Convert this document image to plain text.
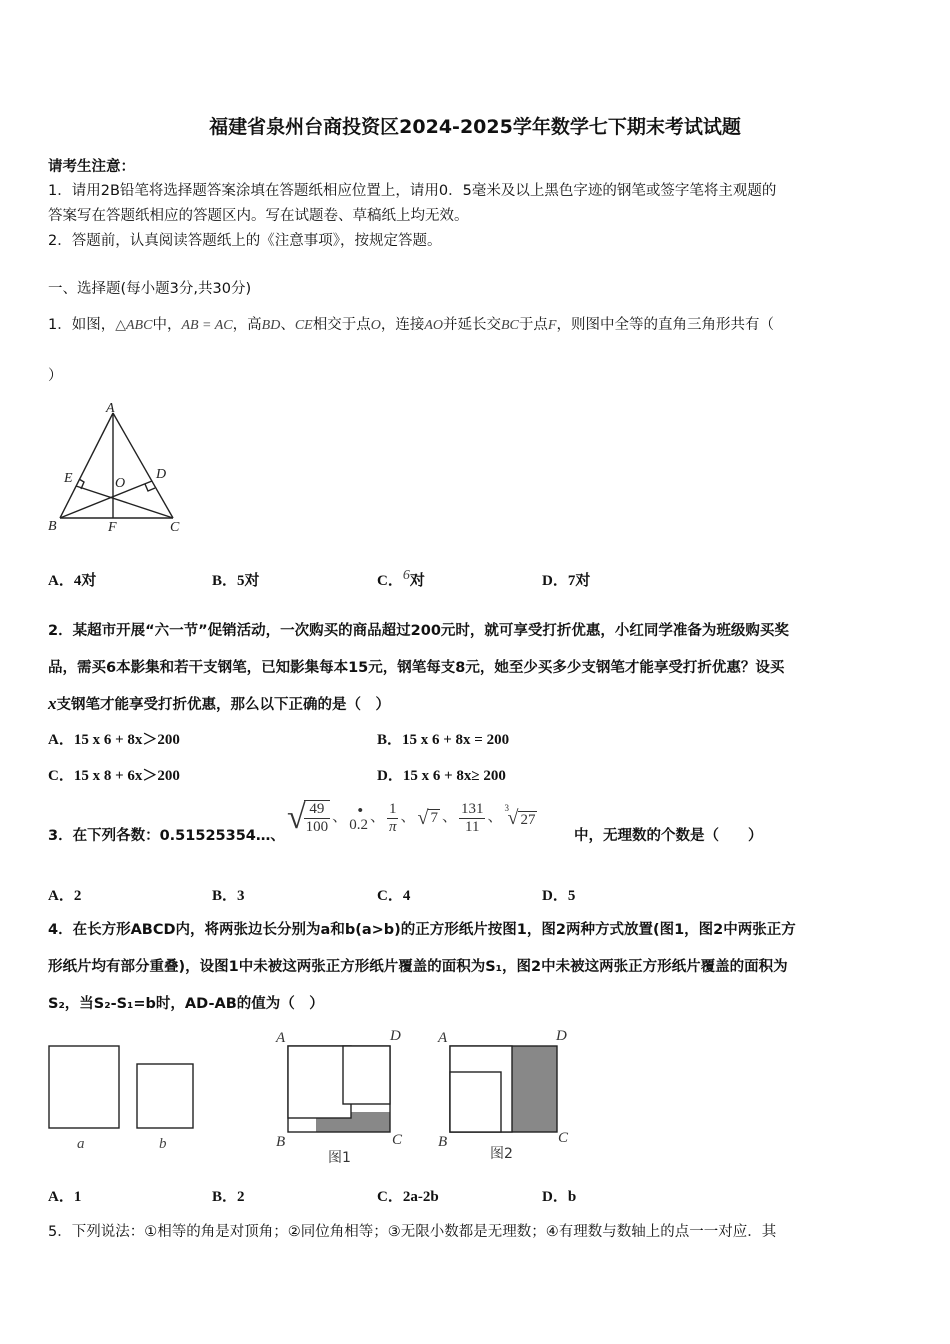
福建省泉州台商投资区2024-2025学年数学七下期末考试试题
请考生注意：
1．请用2B铅笔将选择题答案涂填在答题纸相应位置上，请用0．5毫米及以上黑色字迹的钢笔或签字笔将主观题的
答案写在答题纸相应的答题区内。写在试题卷、草稿纸上均无效。
2．答题前，认真阅读答题纸上的《注意事项》，按规定答题。
一、选择题(每小题3分,共30分)
1．如图，△ABC中，AB = AC，高BD、CE相交于点O，连接AO并延长交BC于点F，则图中全等的直角三角形共有（
）
A
B	C
D
E
F
O
A．4对	B．5对	C．6对	D．7对
2．某超市开展“六一节”促销活动，一次购买的商品超过200元时，就可享受打折优惠，小红同学准备为班级购买奖
品，需买6本影集和若干支钢笔，已知影集每本15元，钢笔每支8元，她至少买多少支钢笔才能享受打折优惠？设买
x支钢笔才能享受打折优惠，那么以下正确的是（　）
A．15 x 6 + 8x＞200	B．15 x 6 + 8x = 200
C．15 x 8 + 6x＞200	D．15 x 6 + 8x≥ 200
3．在下列各数：0.51525354…、 √
$\frac{49}{100}$ 、 •
0.2 、 $\frac{1}{\pi}$ 、 √ 7 、 $\frac{131}{11}$ 、
3
√ 27
中，无理数的个数是（　　）
A．2	B．3	C．4	D．5
4．在长方形ABCD内，将两张边长分别为a和b(a>b)的正方形纸片按图1，图2两种方式放置(图1，图2中两张正方
形纸片均有部分重叠)，设图1中未被这两张正方形纸片覆盖的面积为S₁，图2中未被这两张正方形纸片覆盖的面积为
S₂，当S₂-S₁=b时，AD-AB的值为（　）
a	b
A	D
B	C
图1
A	D
B	C
图2
A．1	B．2	C．2a-2b	D．b
5．下列说法：①相等的角是对顶角；②同位角相等；③无限小数都是无理数；④有理数与数轴上的点一一对应．其
